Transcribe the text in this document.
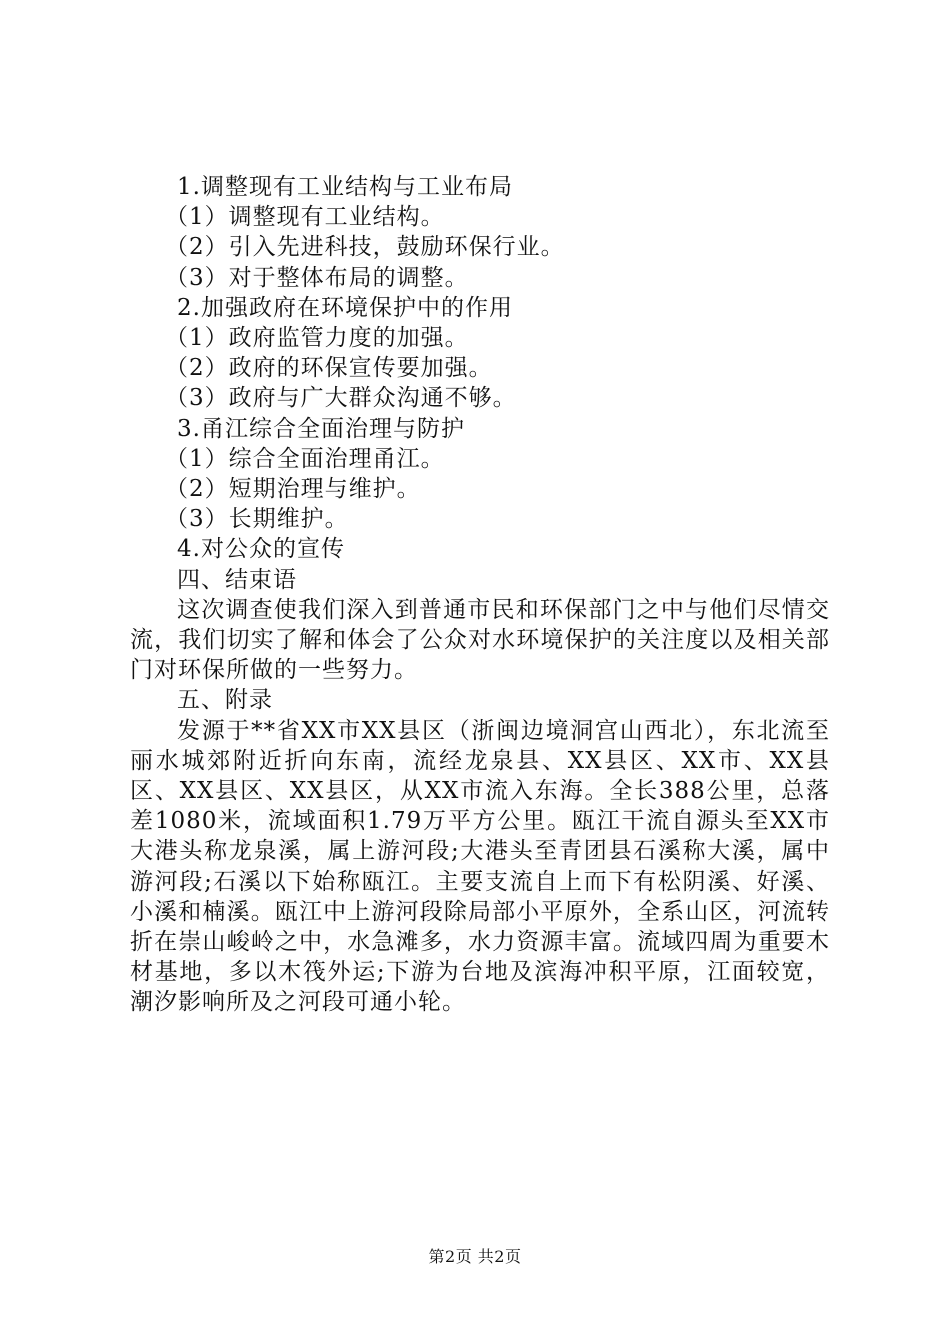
1.调整现有工业结构与工业布局
（1）调整现有工业结构。
（2）引入先进科技，鼓励环保行业。
（3）对于整体布局的调整。
2.加强政府在环境保护中的作用
（1）政府监管力度的加强。
（2）政府的环保宣传要加强。
（3）政府与广大群众沟通不够。
3.甬江综合全面治理与防护
（1）综合全面治理甬江。
（2）短期治理与维护。
（3）长期维护。
4.对公众的宣传
四、结束语

这次调查使我们深入到普通市民和环保部门之中与他们尽情交流，我们切实了解和体会了公众对水环境保护的关注度以及相关部门对环保所做的一些努力。

五、附录

发源于**省XX市XX县区（浙闽边境洞宫山西北），东北流至丽水城郊附近折向东南，流经龙泉县、XX县区、XX市、XX县区、XX县区、XX县区，从XX市流入东海。全长388公里，总落差1080米，流域面积1.79万平方公里。瓯江干流自源头至XX市大港头称龙泉溪，属上游河段;大港头至青团县石溪称大溪，属中游河段;石溪以下始称瓯江。主要支流自上而下有松阴溪、好溪、小溪和楠溪。瓯江中上游河段除局部小平原外，全系山区，河流转折在崇山峻岭之中，水急滩多，水力资源丰富。流域四周为重要木材基地，多以木筏外运;下游为台地及滨海冲积平原，江面较宽，潮汐影响所及之河段可通小轮。

第2页 共2页
